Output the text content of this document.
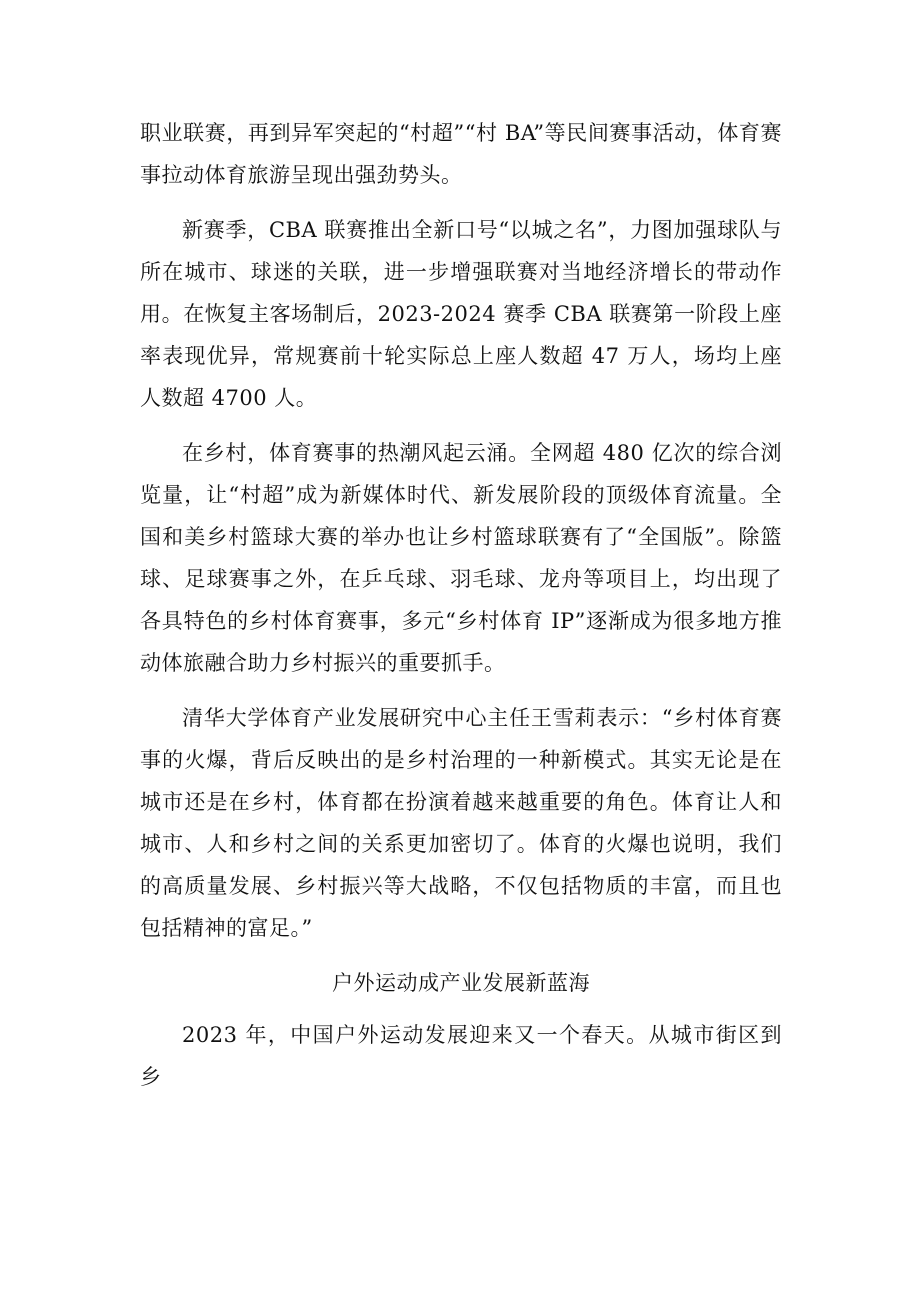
职业联赛，再到异军突起的“村超”“村 BA”等民间赛事活动，体育赛事拉动体育旅游呈现出强劲势头。

新赛季，CBA 联赛推出全新口号“以城之名”，力图加强球队与所在城市、球迷的关联，进一步增强联赛对当地经济增长的带动作用。在恢复主客场制后，2023-2024 赛季 CBA 联赛第一阶段上座率表现优异，常规赛前十轮实际总上座人数超 47 万人，场均上座人数超 4700 人。

在乡村，体育赛事的热潮风起云涌。全网超 480 亿次的综合浏览量，让“村超”成为新媒体时代、新发展阶段的顶级体育流量。全国和美乡村篮球大赛的举办也让乡村篮球联赛有了“全国版”。除篮球、足球赛事之外，在乒乓球、羽毛球、龙舟等项目上，均出现了各具特色的乡村体育赛事，多元“乡村体育 IP”逐渐成为很多地方推动体旅融合助力乡村振兴的重要抓手。

清华大学体育产业发展研究中心主任王雪莉表示：“乡村体育赛事的火爆，背后反映出的是乡村治理的一种新模式。其实无论是在城市还是在乡村，体育都在扮演着越来越重要的角色。体育让人和城市、人和乡村之间的关系更加密切了。体育的火爆也说明，我们的高质量发展、乡村振兴等大战略，不仅包括物质的丰富，而且也包括精神的富足。”

户外运动成产业发展新蓝海

2023 年，中国户外运动发展迎来又一个春天。从城市街区到乡
